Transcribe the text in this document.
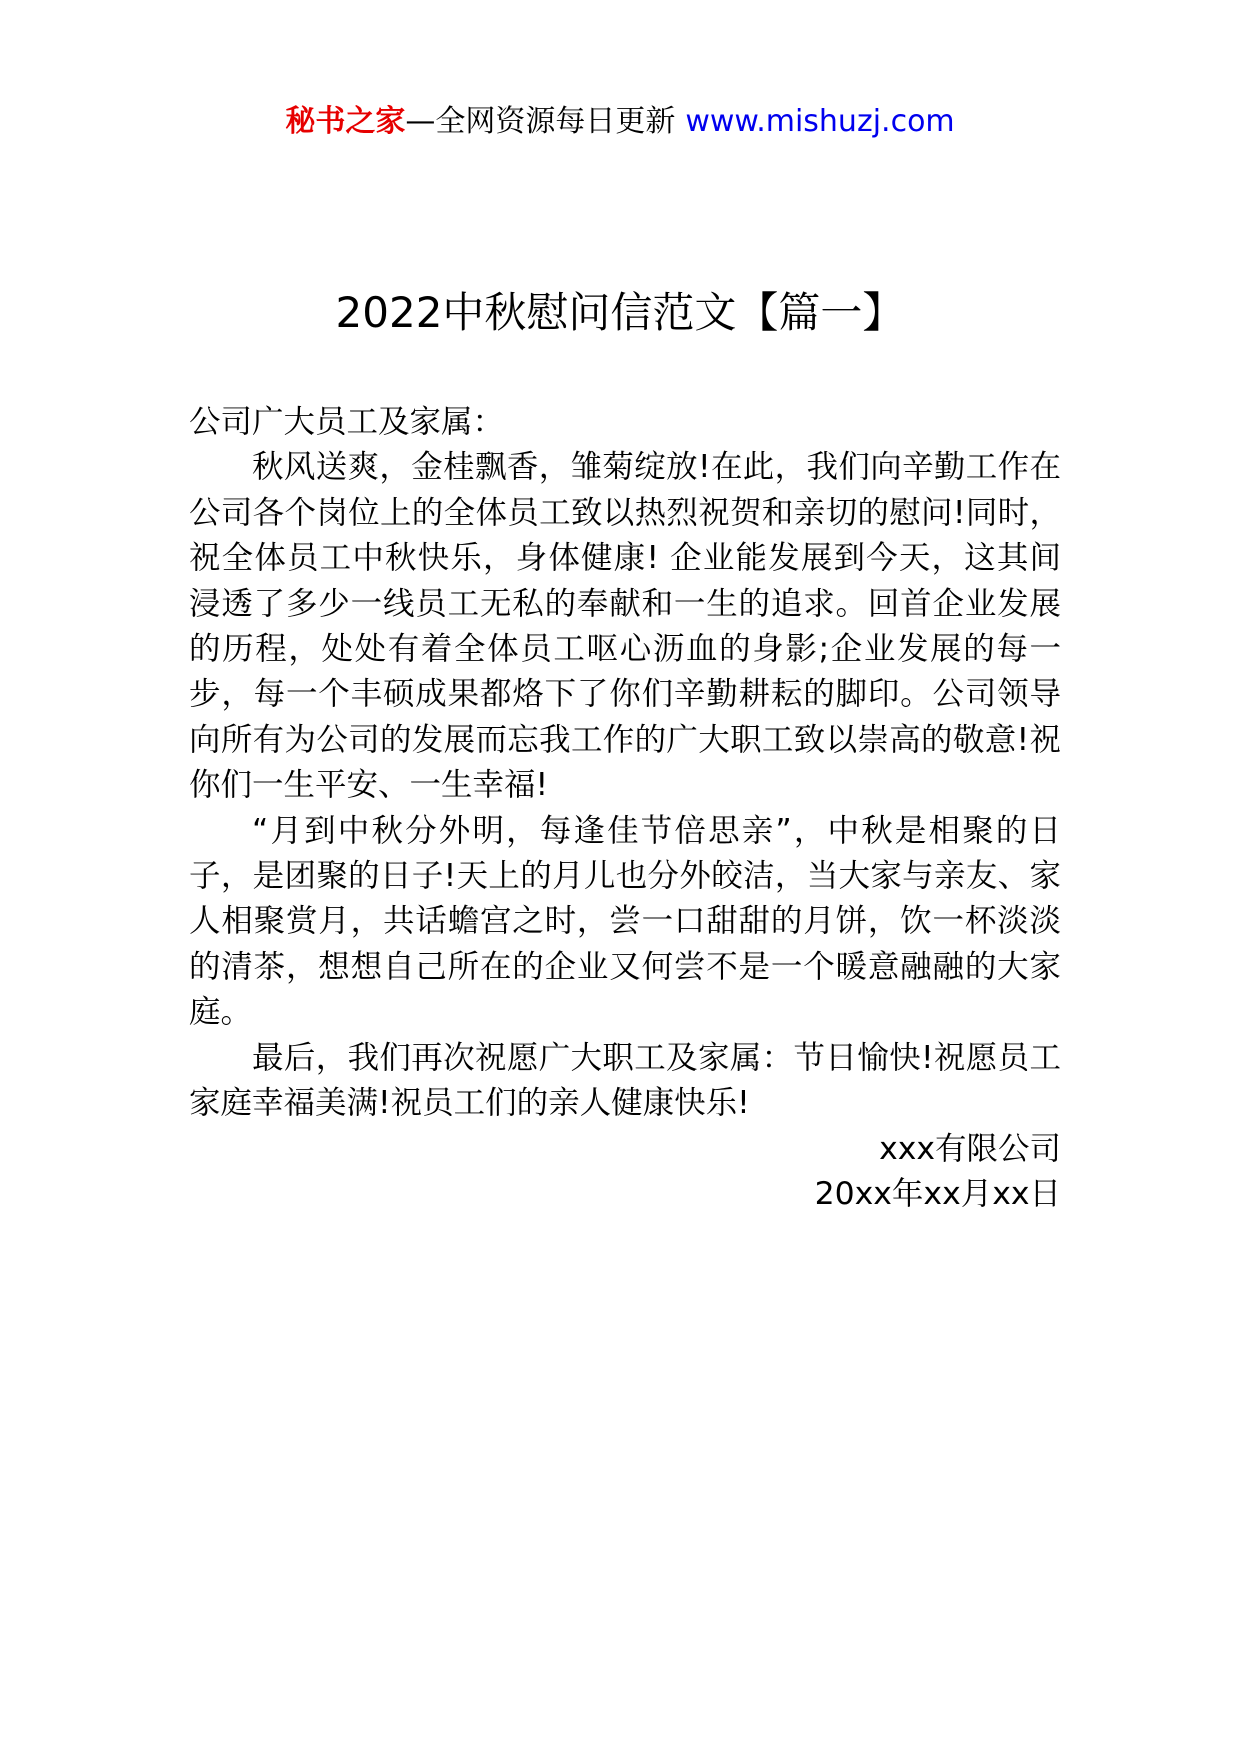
秘书之家—全网资源每日更新 www.mishuzj.com
2022中秋慰问信范文【篇一】

公司广大员工及家属：

秋风送爽，金桂飘香，雏菊绽放!在此，我们向辛勤工作在公司各个岗位上的全体员工致以热烈祝贺和亲切的慰问!同时，祝全体员工中秋快乐，身体健康! 企业能发展到今天，这其间浸透了多少一线员工无私的奉献和一生的追求。回首企业发展的历程，处处有着全体员工呕心沥血的身影;企业发展的每一步，每一个丰硕成果都烙下了你们辛勤耕耘的脚印。公司领导向所有为公司的发展而忘我工作的广大职工致以崇高的敬意!祝你们一生平安、一生幸福!

“月到中秋分外明，每逢佳节倍思亲”，中秋是相聚的日子，是团聚的日子!天上的月儿也分外皎洁，当大家与亲友、家人相聚赏月，共话蟾宫之时，尝一口甜甜的月饼，饮一杯淡淡的清茶，想想自己所在的企业又何尝不是一个暖意融融的大家庭。

最后，我们再次祝愿广大职工及家属：节日愉快!祝愿员工家庭幸福美满!祝员工们的亲人健康快乐!

xxx有限公司

20xx年xx月xx日
